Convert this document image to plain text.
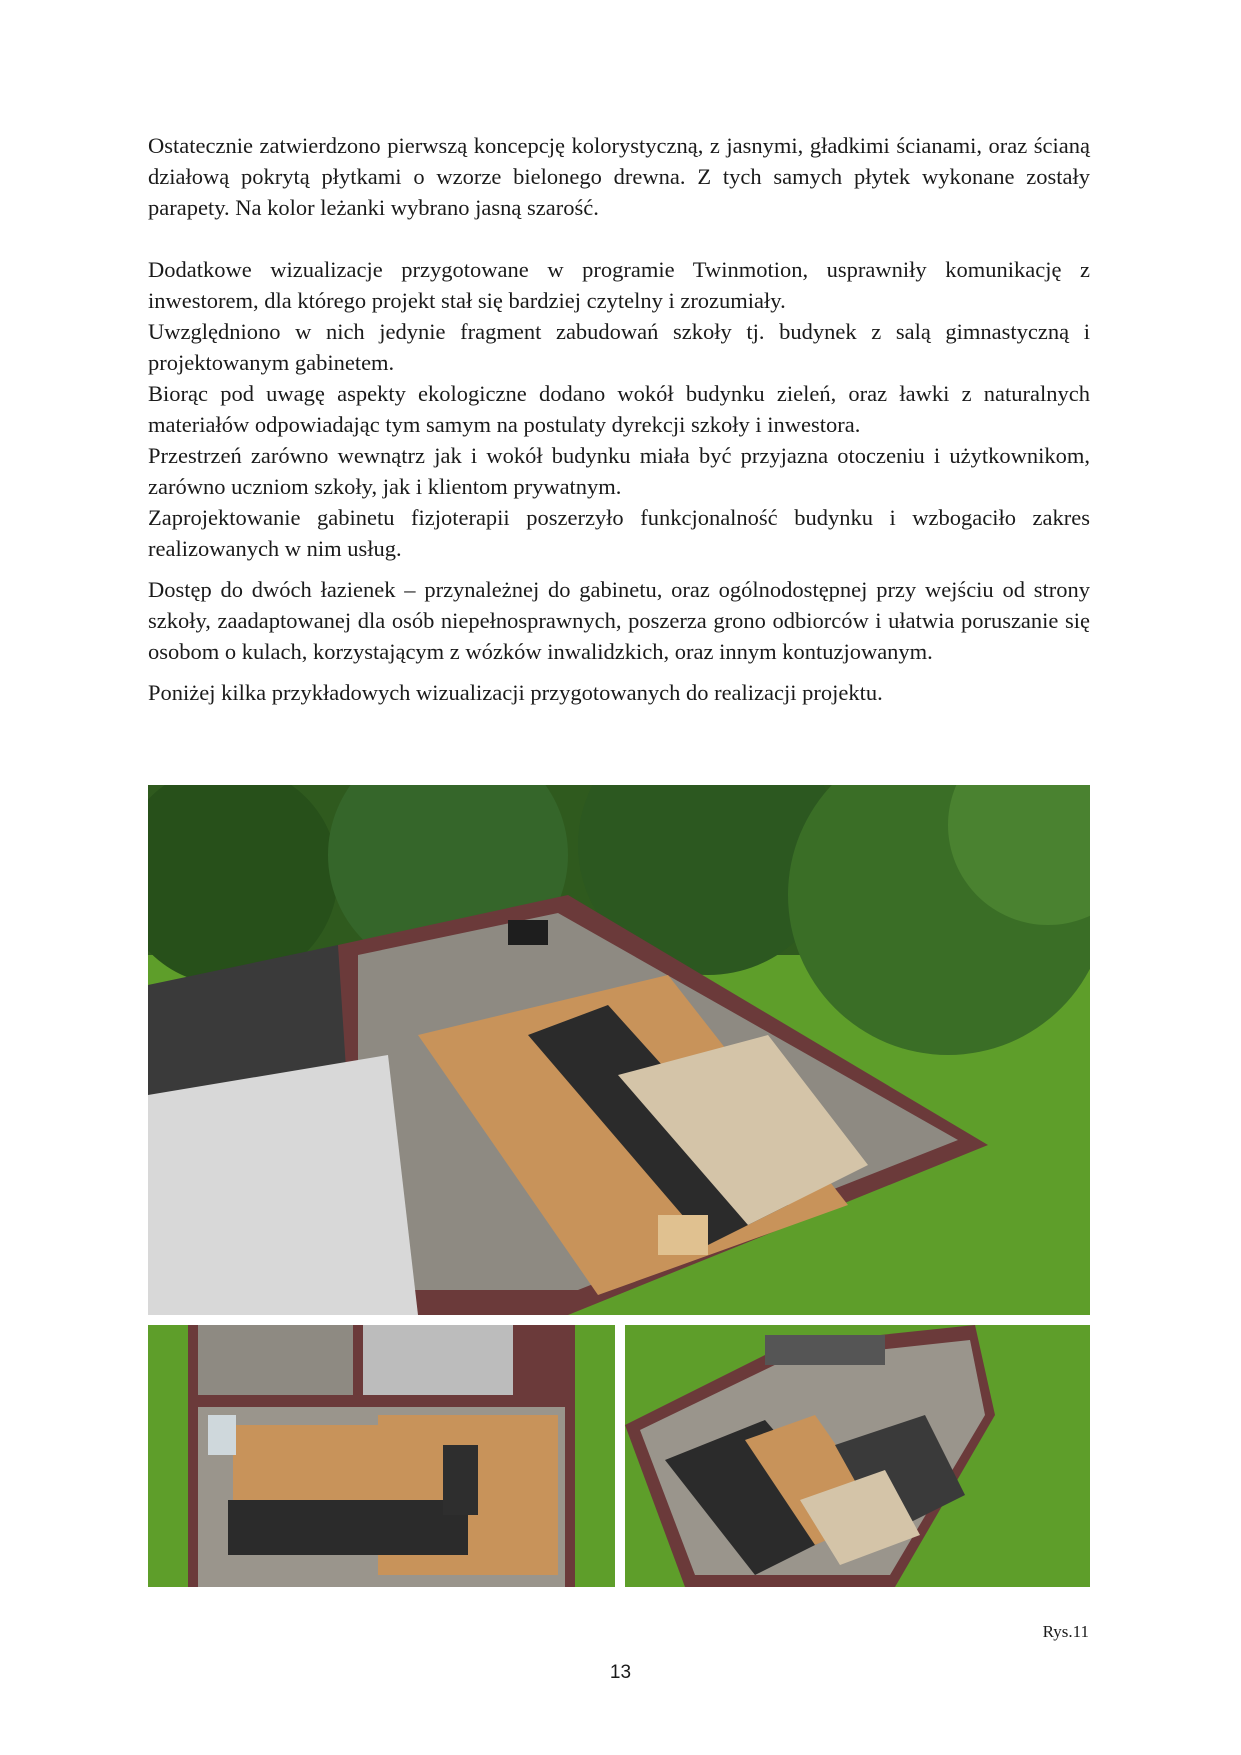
Ostatecznie zatwierdzono pierwszą koncepcję kolorystyczną, z jasnymi, gładkimi ścianami, oraz ścianą działową pokrytą płytkami o wzorze bielonego drewna. Z tych samych płytek wykonane zostały parapety. Na kolor leżanki wybrano jasną szarość.

Dodatkowe wizualizacje przygotowane w programie Twinmotion, usprawniły komunikację z inwestorem, dla którego projekt stał się bardziej czytelny i zrozumiały.

Uwzględniono w nich jedynie fragment zabudowań szkoły tj. budynek z salą gimnastyczną i projektowanym gabinetem.

Biorąc pod uwagę aspekty ekologiczne dodano wokół budynku zieleń, oraz ławki z naturalnych materiałów odpowiadając tym samym na postulaty dyrekcji szkoły i inwestora.

Przestrzeń zarówno wewnątrz jak i wokół budynku miała być przyjazna otoczeniu i użytkownikom, zarówno uczniom szkoły, jak i klientom prywatnym.

Zaprojektowanie gabinetu fizjoterapii poszerzyło funkcjonalność budynku i wzbogaciło zakres realizowanych w nim usług.

Dostęp do dwóch łazienek – przynależnej do gabinetu, oraz ogólnodostępnej przy wejściu od strony szkoły, zaadaptowanej dla osób niepełnosprawnych, poszerza grono odbiorców i ułatwia poruszanie się osobom o kulach, korzystającym z wózków inwalidzkich, oraz innym kontuzjowanym.

Poniżej kilka przykładowych wizualizacji przygotowanych do realizacji projektu.

Rys.11
13
